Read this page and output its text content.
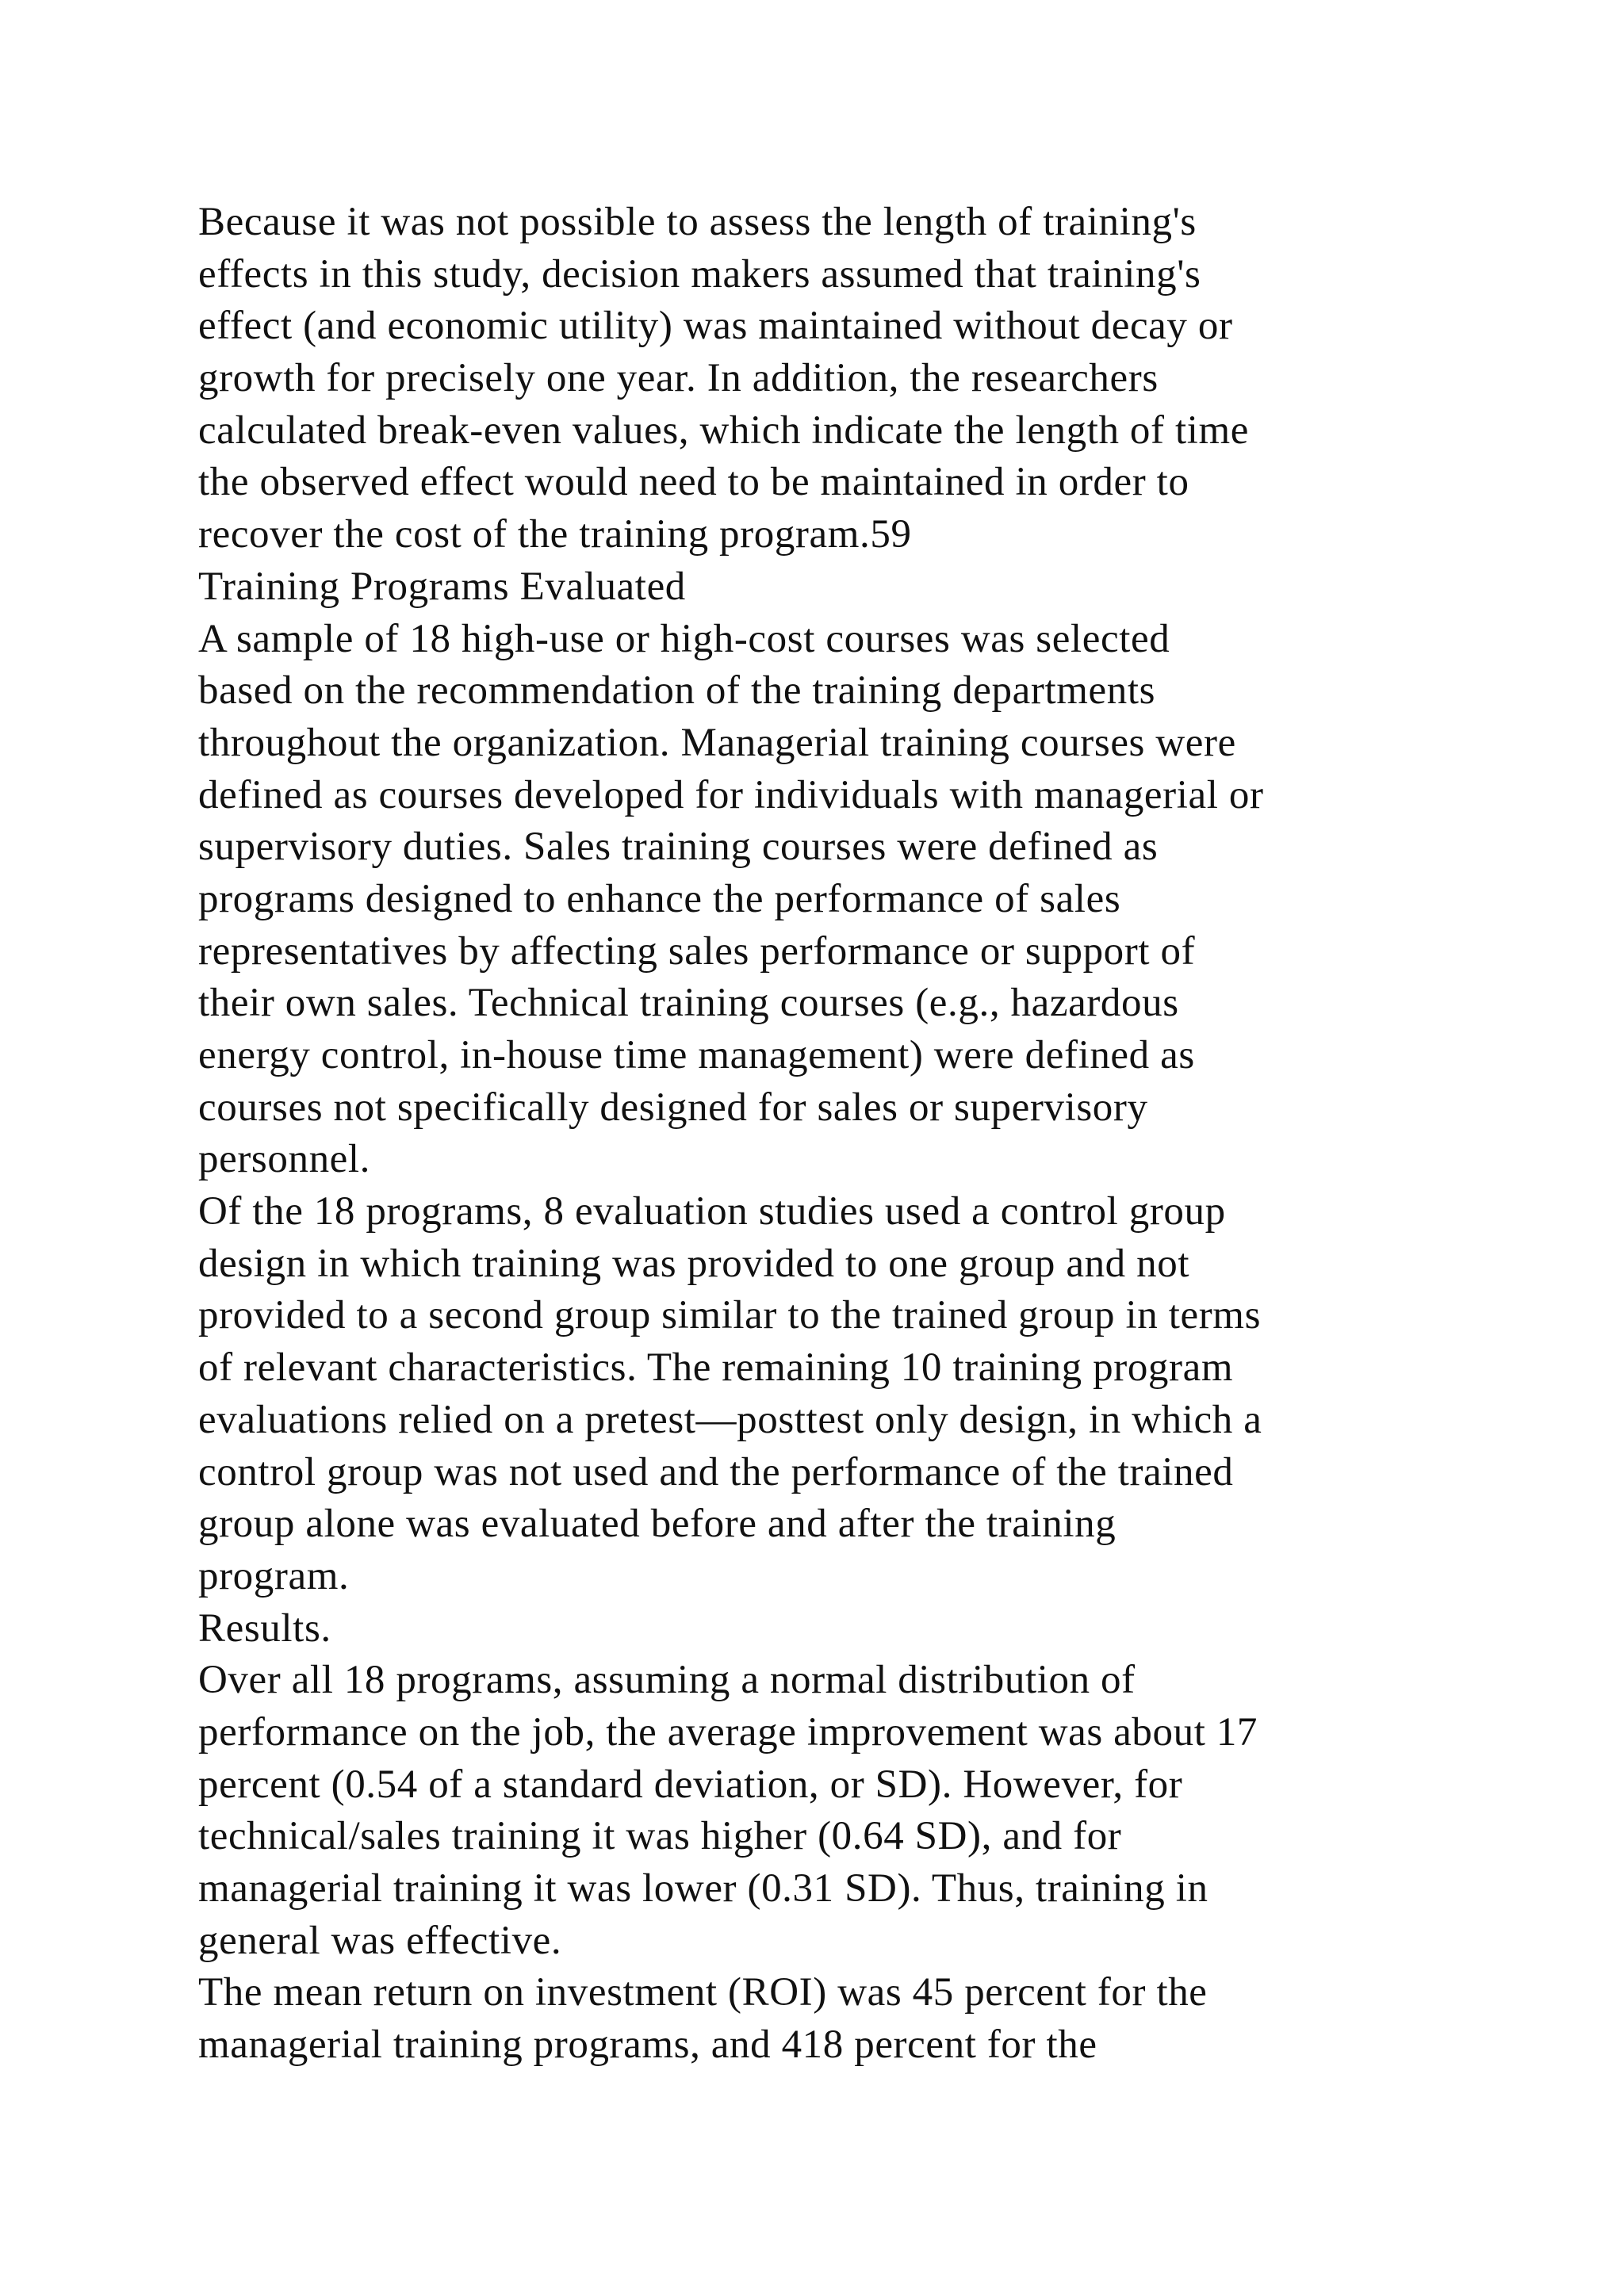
Because it was not possible to assess the length of training's
effects in this study, decision makers assumed that training's
effect (and economic utility) was maintained without decay or
growth for precisely one year. In addition, the researchers
calculated break-even values, which indicate the length of time
the observed effect would need to be maintained in order to
recover the cost of the training program.59
Training Programs Evaluated
A sample of 18 high-use or high-cost courses was selected
based on the recommendation of the training departments
throughout the organization. Managerial training courses were
defined as courses developed for individuals with managerial or
supervisory duties. Sales training courses were defined as
programs designed to enhance the performance of sales
representatives by affecting sales performance or support of
their own sales. Technical training courses (e.g., hazardous
energy control, in-house time management) were defined as
courses not specifically designed for sales or supervisory
personnel.
Of the 18 programs, 8 evaluation studies used a control group
design in which training was provided to one group and not
provided to a second group similar to the trained group in terms
of relevant characteristics. The remaining 10 training program
evaluations relied on a pretest—posttest only design, in which a
control group was not used and the performance of the trained
group alone was evaluated before and after the training
program.
Results.
Over all 18 programs, assuming a normal distribution of
performance on the job, the average improvement was about 17
percent (0.54 of a standard deviation, or SD). However, for
technical/sales training it was higher (0.64 SD), and for
managerial training it was lower (0.31 SD). Thus, training in
general was effective.
The mean return on investment (ROI) was 45 percent for the
managerial training programs, and 418 percent for the
